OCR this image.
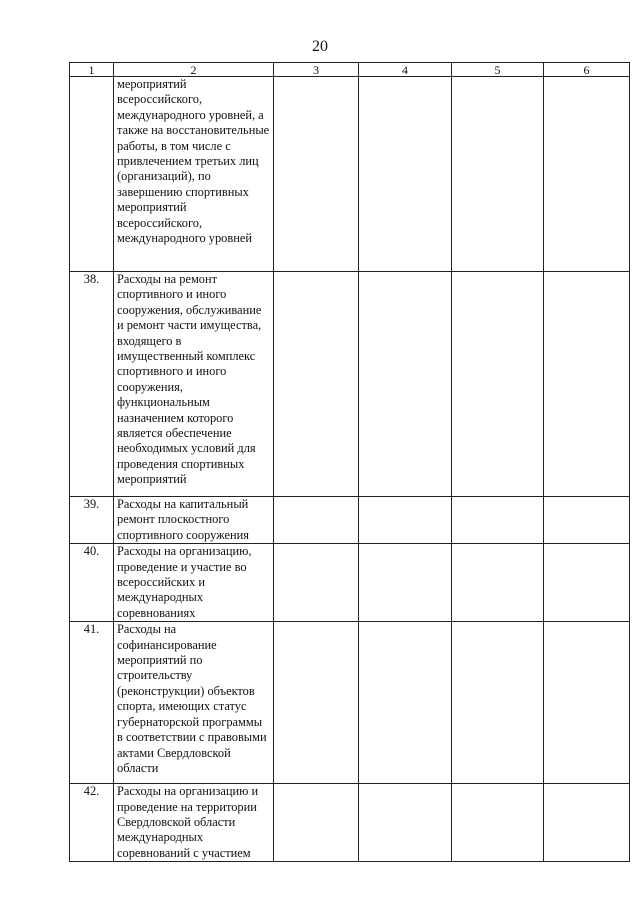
20
1	2	3	4	5	6
	мероприятий всероссийского, международного уровней, а также на восстановительные работы, в том числе с привлечением третьих лиц (организаций), по завершению спортивных мероприятий всероссийского, международного уровней				
38.	Расходы на ремонт спортивного и иного сооружения, обслуживание и ремонт части имущества, входящего в имущественный комплекс спортивного и иного сооружения, функциональным назначением которого является обеспечение необходимых условий для проведения спортивных мероприятий				
39.	Расходы на капитальный ремонт плоскостного спортивного сооружения				
40.	Расходы на организацию, проведение и участие во всероссийских и международных соревнованиях				
41.	Расходы на софинансирование мероприятий по строительству (реконструкции) объектов спорта, имеющих статус губернаторской программы в соответствии с правовыми актами Свердловской области				
42.	Расходы на организацию и проведение на территории Свердловской области международных соревнований с участием				
